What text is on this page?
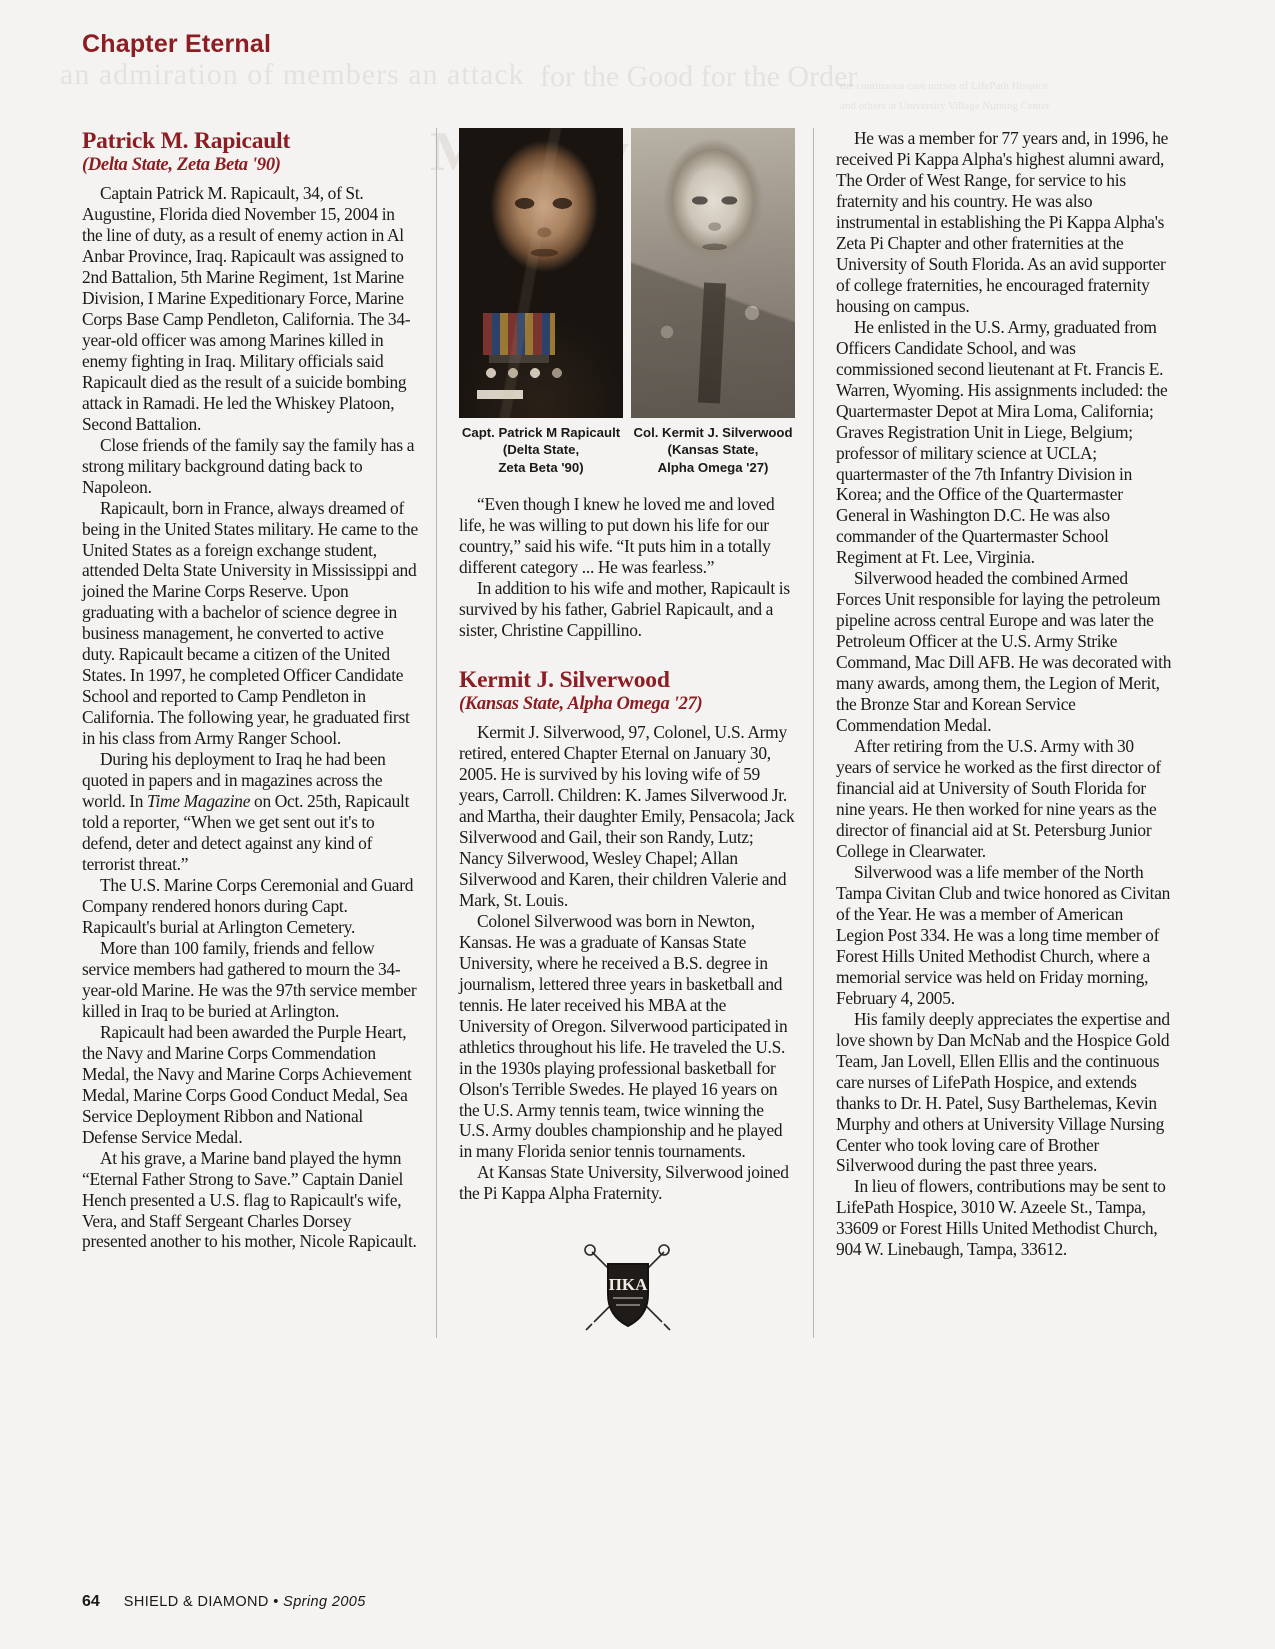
an admiration of members an attack for the Good for the Order
the continuous care nurses of LifePath Hospice
and others at University Village Nursing Center
Chapter Eternal
Patrick M. Rapicault
(Delta State, Zeta Beta '90)

Captain Patrick M. Rapicault, 34, of St. Augustine, Florida died November 15, 2004 in the line of duty, as a result of enemy action in Al Anbar Province, Iraq. Rapicault was assigned to 2nd Battalion, 5th Marine Regiment, 1st Marine Division, I Marine Expeditionary Force, Marine Corps Base Camp Pendleton, California. The 34-year-old officer was among Marines killed in enemy fighting in Iraq. Military officials said Rapicault died as the result of a suicide bombing attack in Ramadi. He led the Whiskey Platoon, Second Battalion.

Close friends of the family say the family has a strong military background dating back to Napoleon.

Rapicault, born in France, always dreamed of being in the United States military. He came to the United States as a foreign exchange student, attended Delta State University in Mississippi and joined the Marine Corps Reserve. Upon graduating with a bachelor of science degree in business management, he converted to active duty. Rapicault became a citizen of the United States. In 1997, he completed Officer Candidate School and reported to Camp Pendleton in California. The following year, he graduated first in his class from Army Ranger School.

During his deployment to Iraq he had been quoted in papers and in magazines across the world. In Time Magazine on Oct. 25th, Rapicault told a reporter, “When we get sent out it's to defend, deter and detect against any kind of terrorist threat.”

The U.S. Marine Corps Ceremonial and Guard Company rendered honors during Capt. Rapicault's burial at Arlington Cemetery.

More than 100 family, friends and fellow service members had gathered to mourn the 34-year-old Marine. He was the 97th service member killed in Iraq to be buried at Arlington.

Rapicault had been awarded the Purple Heart, the Navy and Marine Corps Commendation Medal, the Navy and Marine Corps Achievement Medal, Marine Corps Good Conduct Medal, Sea Service Deployment Ribbon and National Defense Service Medal.

At his grave, a Marine band played the hymn “Eternal Father Strong to Save.” Captain Daniel Hench presented a U.S. flag to Rapicault's wife, Vera, and Staff Sergeant Charles Dorsey presented another to his mother, Nicole Rapicault.

Capt. Patrick M Rapicault
(Delta State,
Zeta Beta '90)
Col. Kermit J. Silverwood
(Kansas State,
Alpha Omega '27)

“Even though I knew he loved me and loved life, he was willing to put down his life for our country,” said his wife. “It puts him in a totally different category ... He was fearless.”

In addition to his wife and mother, Rapicault is survived by his father, Gabriel Rapicault, and a sister, Christine Cappillino.

Kermit J. Silverwood
(Kansas State, Alpha Omega '27)

Kermit J. Silverwood, 97, Colonel, U.S. Army retired, entered Chapter Eternal on January 30, 2005. He is survived by his loving wife of 59 years, Carroll. Children: K. James Silverwood Jr. and Martha, their daughter Emily, Pensacola; Jack Silverwood and Gail, their son Randy, Lutz; Nancy Silverwood, Wesley Chapel; Allan Silverwood and Karen, their children Valerie and Mark, St. Louis.

Colonel Silverwood was born in Newton, Kansas. He was a graduate of Kansas State University, where he received a B.S. degree in journalism, lettered three years in basketball and tennis. He later received his MBA at the University of Oregon. Silverwood participated in athletics throughout his life. He traveled the U.S. in the 1930s playing professional basketball for Olson's Terrible Swedes. He played 16 years on the U.S. Army tennis team, twice winning the U.S. Army doubles championship and he played in many Florida senior tennis tournaments.

At Kansas State University, Silverwood joined the Pi Kappa Alpha Fraternity.

ΠKA

He was a member for 77 years and, in 1996, he received Pi Kappa Alpha's highest alumni award, The Order of West Range, for service to his fraternity and his country. He was also instrumental in establishing the Pi Kappa Alpha's Zeta Pi Chapter and other fraternities at the University of South Florida. As an avid supporter of college fraternities, he encouraged fraternity housing on campus.

He enlisted in the U.S. Army, graduated from Officers Candidate School, and was commissioned second lieutenant at Ft. Francis E. Warren, Wyoming. His assignments included: the Quartermaster Depot at Mira Loma, California; Graves Registration Unit in Liege, Belgium; professor of military science at UCLA; quartermaster of the 7th Infantry Division in Korea; and the Office of the Quartermaster General in Washington D.C. He was also commander of the Quartermaster School Regiment at Ft. Lee, Virginia.

Silverwood headed the combined Armed Forces Unit responsible for laying the petroleum pipeline across central Europe and was later the Petroleum Officer at the U.S. Army Strike Command, Mac Dill AFB. He was decorated with many awards, among them, the Legion of Merit, the Bronze Star and Korean Service Commendation Medal.

After retiring from the U.S. Army with 30 years of service he worked as the first director of financial aid at University of South Florida for nine years. He then worked for nine years as the director of financial aid at St. Petersburg Junior College in Clearwater.

Silverwood was a life member of the North Tampa Civitan Club and twice honored as Civitan of the Year. He was a member of American Legion Post 334. He was a long time member of Forest Hills United Methodist Church, where a memorial service was held on Friday morning, February 4, 2005.

His family deeply appreciates the expertise and love shown by Dan McNab and the Hospice Gold Team, Jan Lovell, Ellen Ellis and the continuous care nurses of LifePath Hospice, and extends thanks to Dr. H. Patel, Susy Barthelemas, Kevin Murphy and others at University Village Nursing Center who took loving care of Brother Silverwood during the past three years.

In lieu of flowers, contributions may be sent to LifePath Hospice, 3010 W. Azeele St., Tampa, 33609 or Forest Hills United Methodist Church, 904 W. Linebaugh, Tampa, 33612.

64 SHIELD & DIAMOND • Spring 2005
